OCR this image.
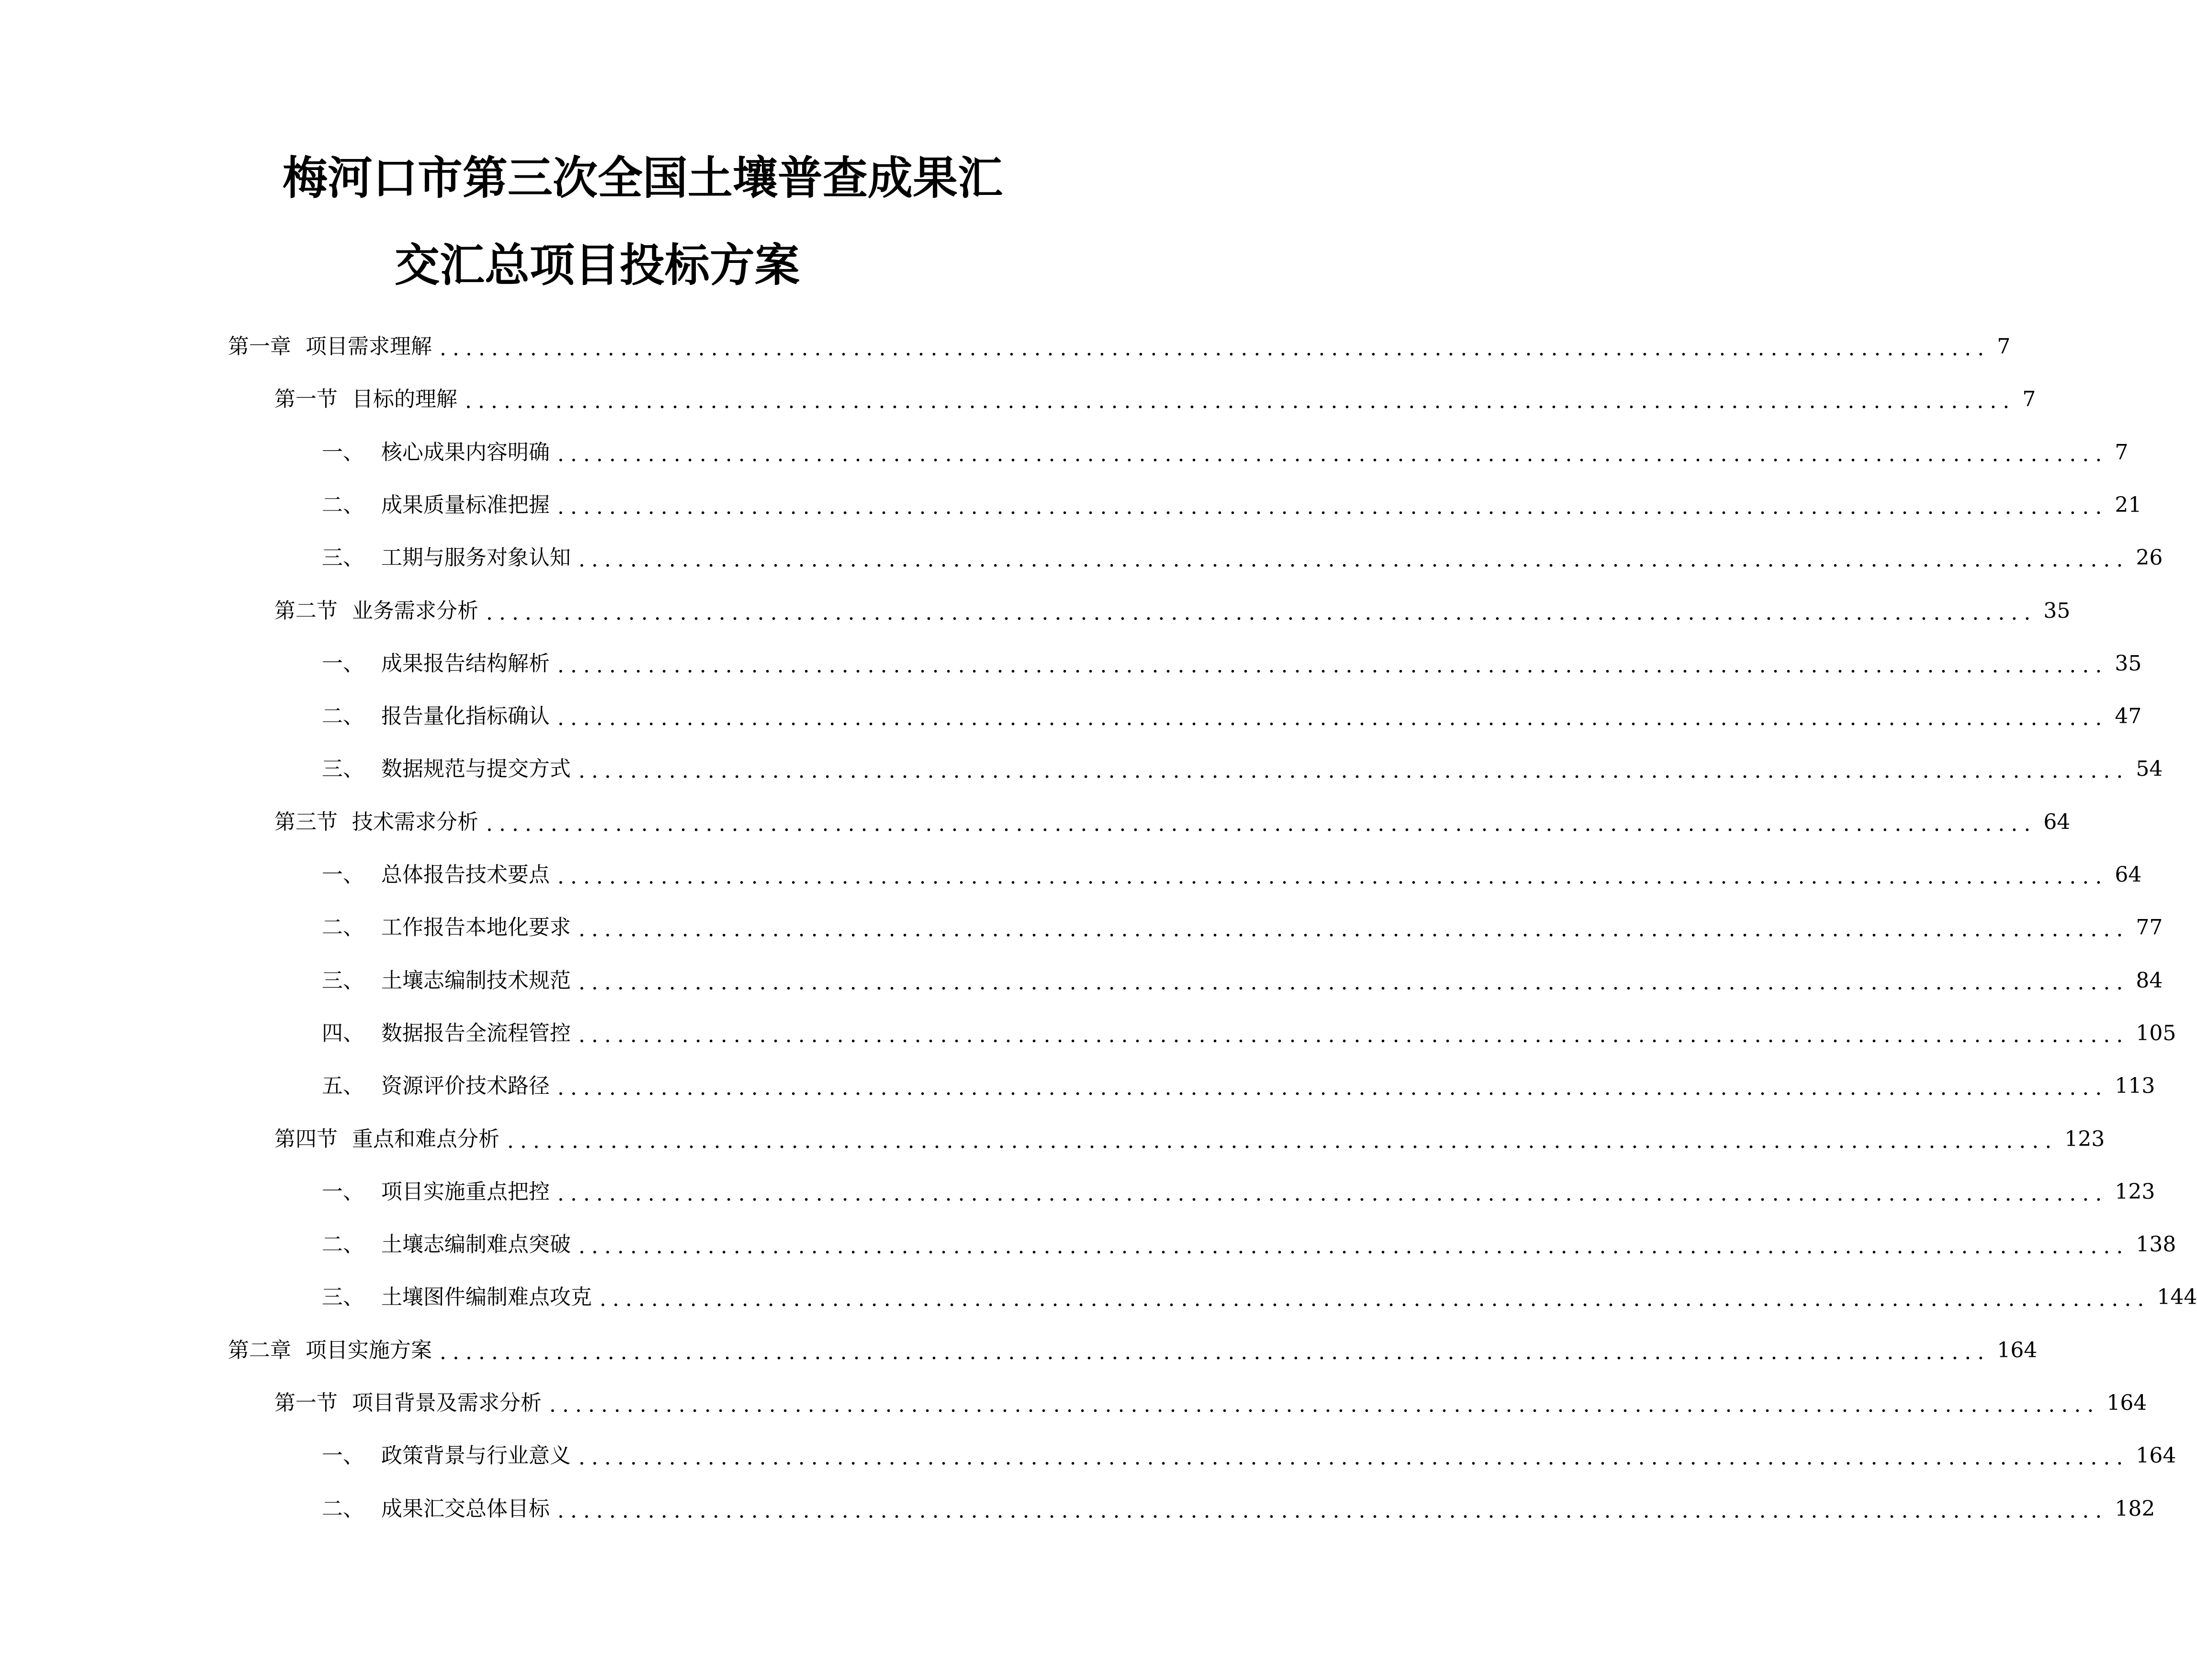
梅河口市第三次全国土壤普查成果汇
交汇总项目投标方案
第一章 项目需求理解 ........................................................................................................................ 7
第一节 目标的理解 ........................................................................................................................ 7
一、 核心成果内容明确 ........................................................................................................................ 7
二、 成果质量标准把握 ........................................................................................................................ 21
三、 工期与服务对象认知 ........................................................................................................................ 26
第二节 业务需求分析 ........................................................................................................................ 35
一、 成果报告结构解析 ........................................................................................................................ 35
二、 报告量化指标确认 ........................................................................................................................ 47
三、 数据规范与提交方式 ........................................................................................................................ 54
第三节 技术需求分析 ........................................................................................................................ 64
一、 总体报告技术要点 ........................................................................................................................ 64
二、 工作报告本地化要求 ........................................................................................................................ 77
三、 土壤志编制技术规范 ........................................................................................................................ 84
四、 数据报告全流程管控 ........................................................................................................................ 105
五、 资源评价技术路径 ........................................................................................................................ 113
第四节 重点和难点分析 ........................................................................................................................ 123
一、 项目实施重点把控 ........................................................................................................................ 123
二、 土壤志编制难点突破 ........................................................................................................................ 138
三、 土壤图件编制难点攻克 ........................................................................................................................ 144
第二章 项目实施方案 ........................................................................................................................ 164
第一节 项目背景及需求分析 ........................................................................................................................ 164
一、 政策背景与行业意义 ........................................................................................................................ 164
二、 成果汇交总体目标 ........................................................................................................................ 182
